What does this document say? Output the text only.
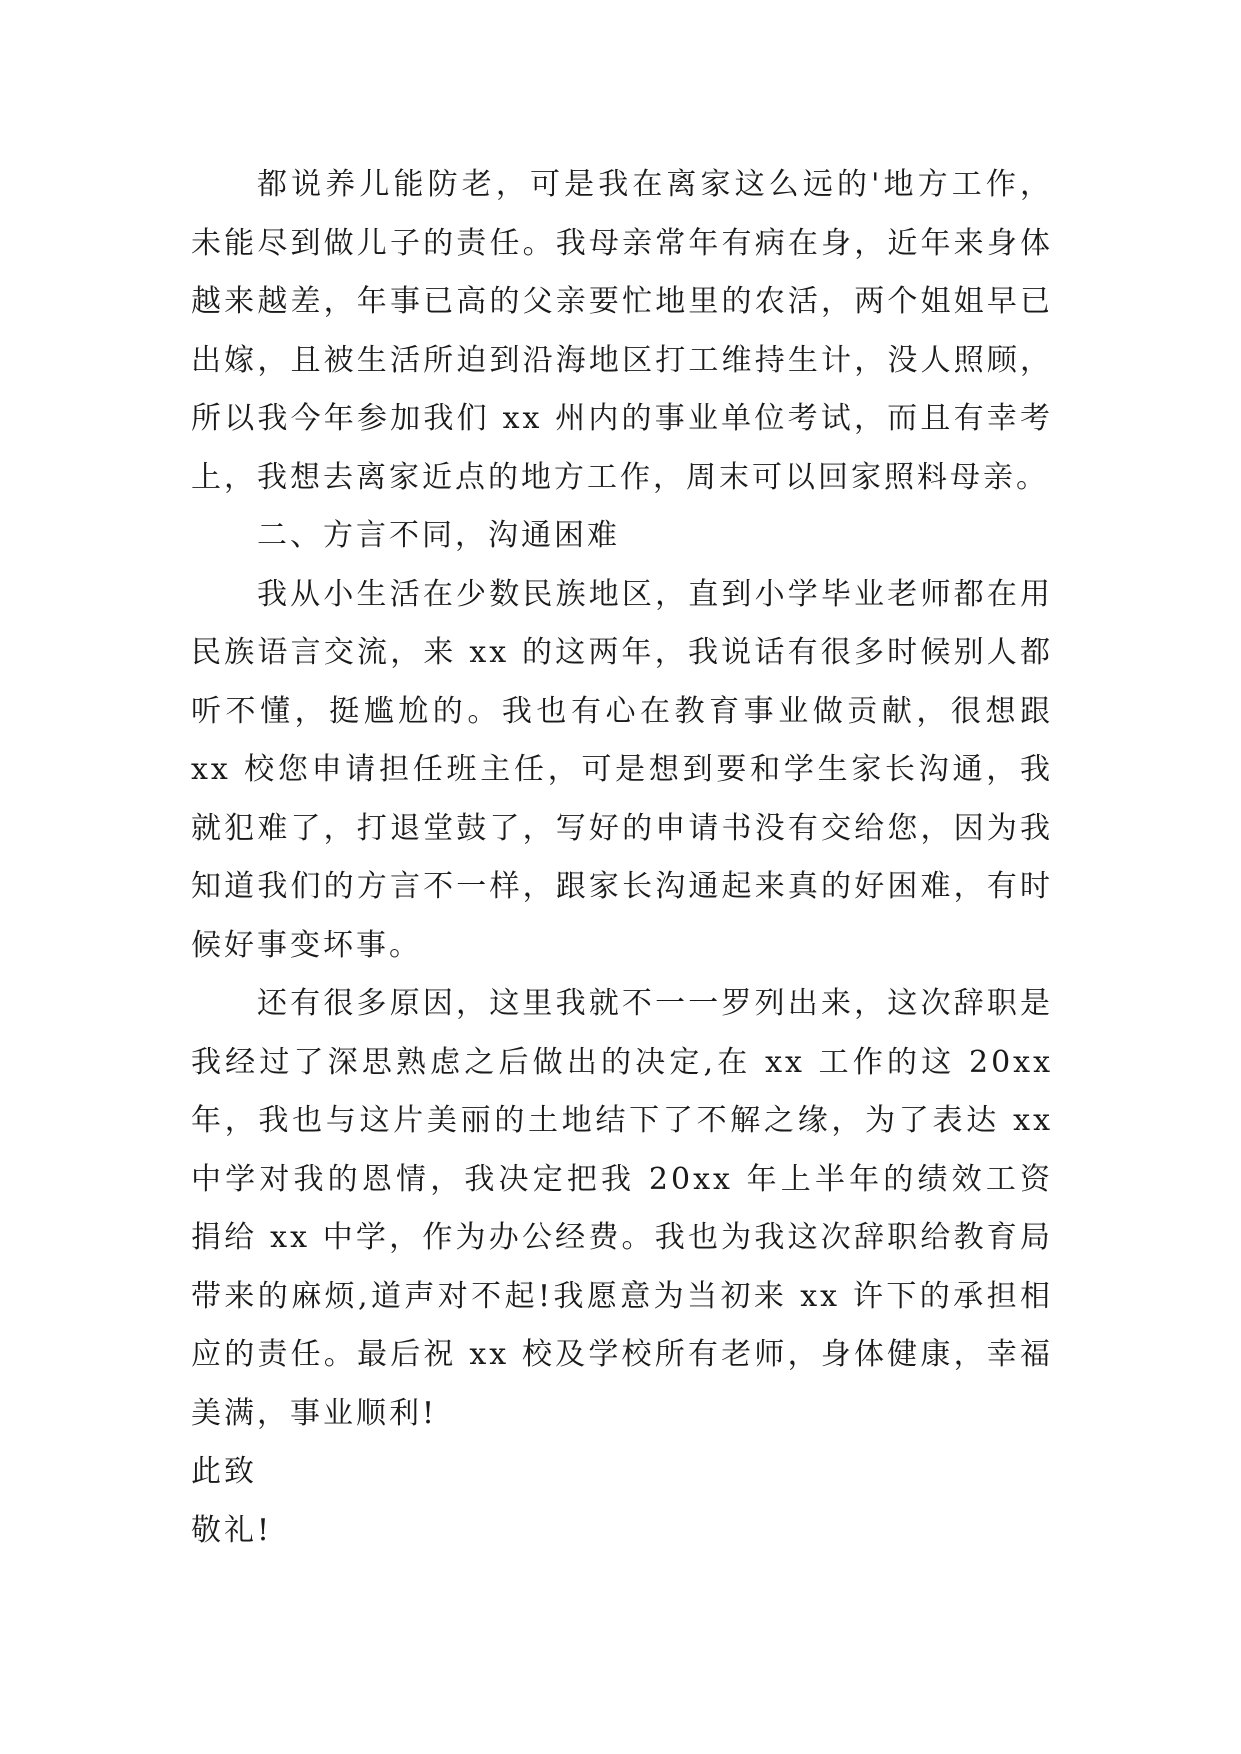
都说养儿能防老，可是我在离家这么远的'地方工作，未能尽到做儿子的责任。我母亲常年有病在身，近年来身体越来越差，年事已高的父亲要忙地里的农活，两个姐姐早已出嫁，且被生活所迫到沿海地区打工维持生计，没人照顾，所以我今年参加我们 xx 州内的事业单位考试，而且有幸考上，我想去离家近点的地方工作，周末可以回家照料母亲。

二、方言不同，沟通困难

我从小生活在少数民族地区，直到小学毕业老师都在用民族语言交流，来 xx 的这两年，我说话有很多时候别人都听不懂，挺尴尬的。我也有心在教育事业做贡献，很想跟 xx 校您申请担任班主任，可是想到要和学生家长沟通，我就犯难了，打退堂鼓了，写好的申请书没有交给您，因为我知道我们的方言不一样，跟家长沟通起来真的好困难，有时候好事变坏事。

还有很多原因，这里我就不一一罗列出来，这次辞职是我经过了深思熟虑之后做出的决定,在 xx 工作的这 20xx 年，我也与这片美丽的土地结下了不解之缘，为了表达 xx 中学对我的恩情，我决定把我 20xx 年上半年的绩效工资捐给 xx 中学，作为办公经费。我也为我这次辞职给教育局带来的麻烦,道声对不起!我愿意为当初来 xx 许下的承担相应的责任。最后祝 xx 校及学校所有老师，身体健康，幸福美满，事业顺利!

此致

敬礼!
